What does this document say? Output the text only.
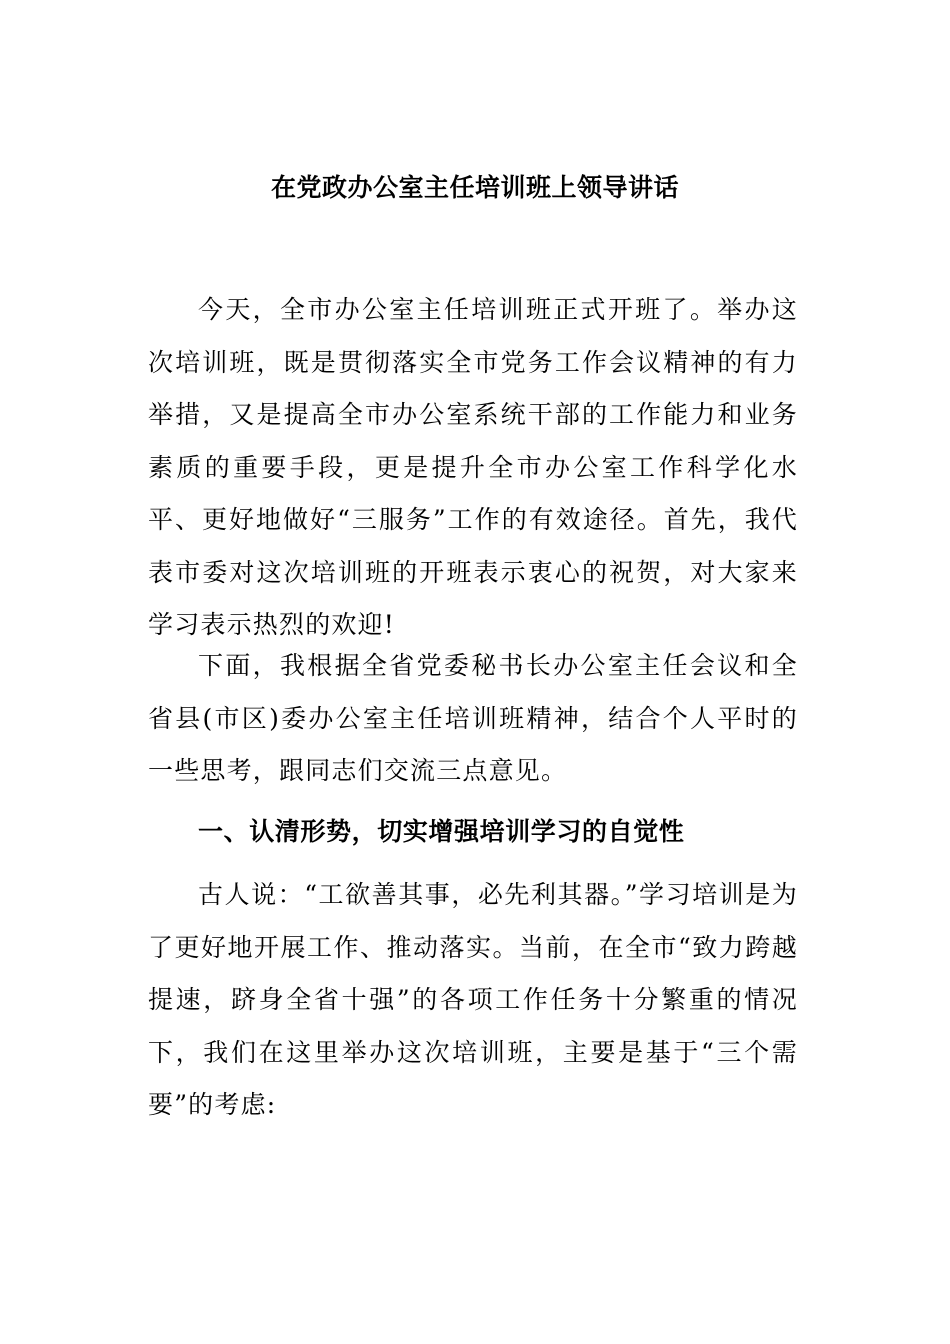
在党政办公室主任培训班上领导讲话

今天，全市办公室主任培训班正式开班了。举办这次培训班，既是贯彻落实全市党务工作会议精神的有力举措，又是提高全市办公室系统干部的工作能力和业务素质的重要手段，更是提升全市办公室工作科学化水平、更好地做好“三服务”工作的有效途径。首先，我代表市委对这次培训班的开班表示衷心的祝贺，对大家来学习表示热烈的欢迎!

下面，我根据全省党委秘书长办公室主任会议和全省县(市区)委办公室主任培训班精神，结合个人平时的一些思考，跟同志们交流三点意见。

一、认清形势，切实增强培训学习的自觉性

古人说：“工欲善其事，必先利其器。”学习培训是为了更好地开展工作、推动落实。当前，在全市“致力跨越提速，跻身全省十强”的各项工作任务十分繁重的情况下，我们在这里举办这次培训班，主要是基于“三个需要”的考虑:
